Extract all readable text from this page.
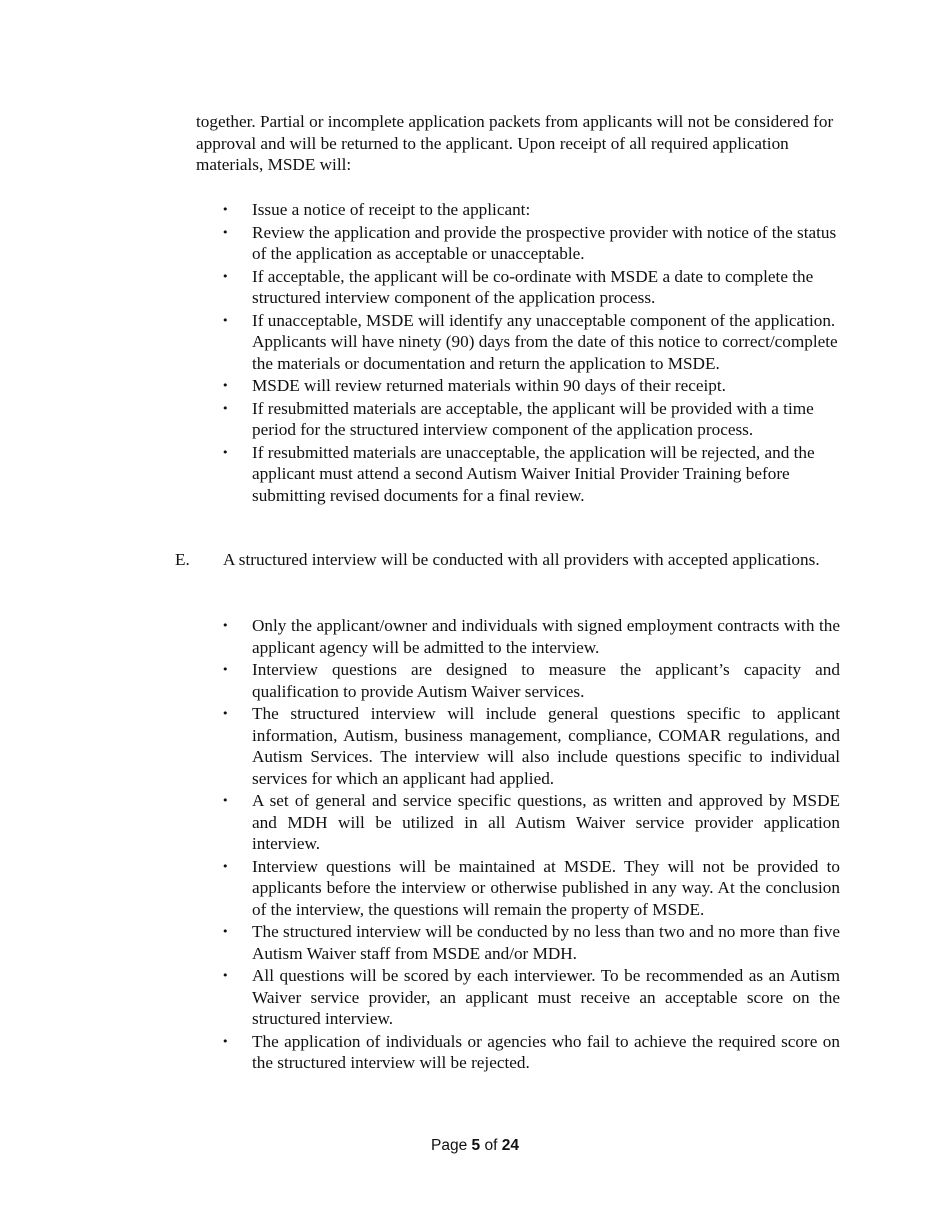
together. Partial or incomplete application packets from applicants will not be considered for approval and will be returned to the applicant. Upon receipt of all required application materials, MSDE will:

•	Issue a notice of receipt to the applicant:
•	Review the application and provide the prospective provider with notice of the status of the application as acceptable or unacceptable.
•	If acceptable, the applicant will be co-ordinate with MSDE a date to complete the structured interview component of the application process.
•	If unacceptable, MSDE will identify any unacceptable component of the application. Applicants will have ninety (90) days from the date of this notice to correct/complete the materials or documentation and return the application to MSDE.
•	MSDE will review returned materials within 90 days of their receipt.
•	If resubmitted materials are acceptable, the applicant will be provided with a time period for the structured interview component of the application process.
•	If resubmitted materials are unacceptable, the application will be rejected, and the applicant must attend a second Autism Waiver Initial Provider Training before submitting revised documents for a final review.
E. A structured interview will be conducted with all providers with accepted applications.
•	Only the applicant/owner and individuals with signed employment contracts with the applicant agency will be admitted to the interview.
•	Interview questions are designed to measure the applicant’s capacity and qualification to provide Autism Waiver services.
•	The structured interview will include general questions specific to applicant information, Autism, business management, compliance, COMAR regulations, and Autism Services. The interview will also include questions specific to individual services for which an applicant had applied.
•	A set of general and service specific questions, as written and approved by MSDE and MDH will be utilized in all Autism Waiver service provider application interview.
•	Interview questions will be maintained at MSDE. They will not be provided to applicants before the interview or otherwise published in any way. At the conclusion of the interview, the questions will remain the property of MSDE.
•	The structured interview will be conducted by no less than two and no more than five Autism Waiver staff from MSDE and/or MDH.
•	All questions will be scored by each interviewer. To be recommended as an Autism Waiver service provider, an applicant must receive an acceptable score on the structured interview.
•	The application of individuals or agencies who fail to achieve the required score on the structured interview will be rejected.
Page 5 of 24
